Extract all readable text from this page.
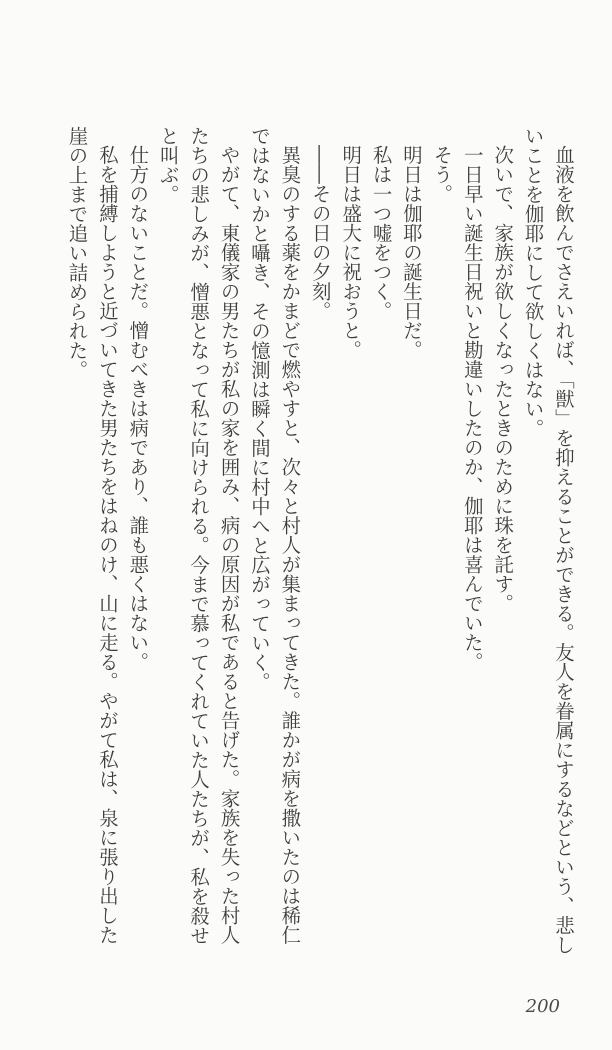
血液を飲んでさえいれば、「獣」を抑えることができる。友人を眷属にするなどという、悲し
いことを伽耶にして欲しくはない。
次いで、家族が欲しくなったときのために珠を託す。
一日早い誕生日祝いと勘違いしたのか、伽耶は喜んでいた。
そう。
明日は伽耶の誕生日だ。
私は一つ嘘をつく。
明日は盛大に祝おうと。
――その日の夕刻。
異臭のする薬をかまどで燃やすと、次々と村人が集まってきた。誰かが病を撒いたのは稀仁
ではないかと囁き、その憶測は瞬く間に村中へと広がっていく。
やがて、東儀家の男たちが私の家を囲み、病の原因が私であると告げた。家族を失った村人
たちの悲しみが、憎悪となって私に向けられる。今まで慕ってくれていた人たちが、私を殺せ
と叫ぶ。
仕方のないことだ。憎むべきは病であり、誰も悪くはない。
私を捕縛しようと近づいてきた男たちをはねのけ、山に走る。やがて私は、泉に張り出した
崖の上まで追い詰められた。
200
